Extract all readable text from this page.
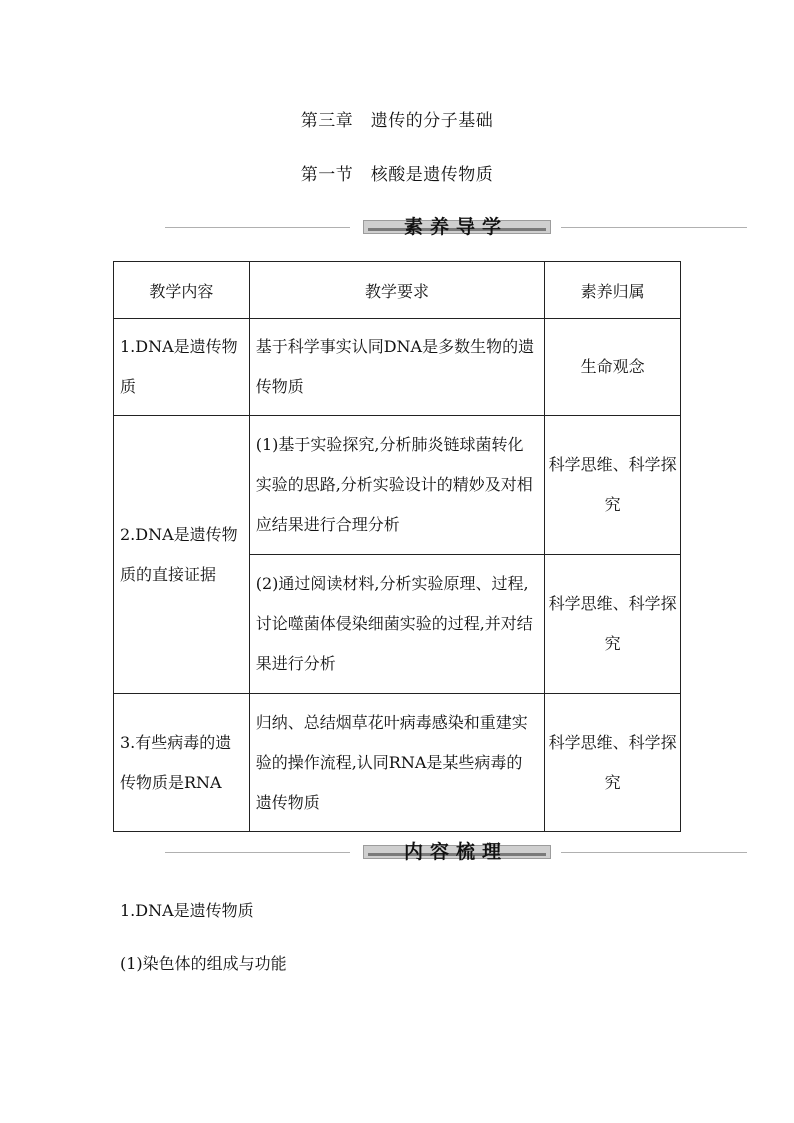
第三章　遗传的分子基础
第一节　核酸是遗传物质
素养导学
教学内容	教学要求	素养归属
1.DNA是遗传物质	基于科学事实认同DNA是多数生物的遗传物质	生命观念
2.DNA是遗传物质的直接证据	(1)基于实验探究,分析肺炎链球菌转化实验的思路,分析实验设计的精妙及对相应结果进行合理分析	科学思维、科学探究
	(2)通过阅读材料,分析实验原理、过程,讨论噬菌体侵染细菌实验的过程,并对结果进行分析	科学思维、科学探究
3.有些病毒的遗传物质是RNA	归纳、总结烟草花叶病毒感染和重建实验的操作流程,认同RNA是某些病毒的遗传物质	科学思维、科学探究
内容梳理
1.DNA是遗传物质
(1)染色体的组成与功能
